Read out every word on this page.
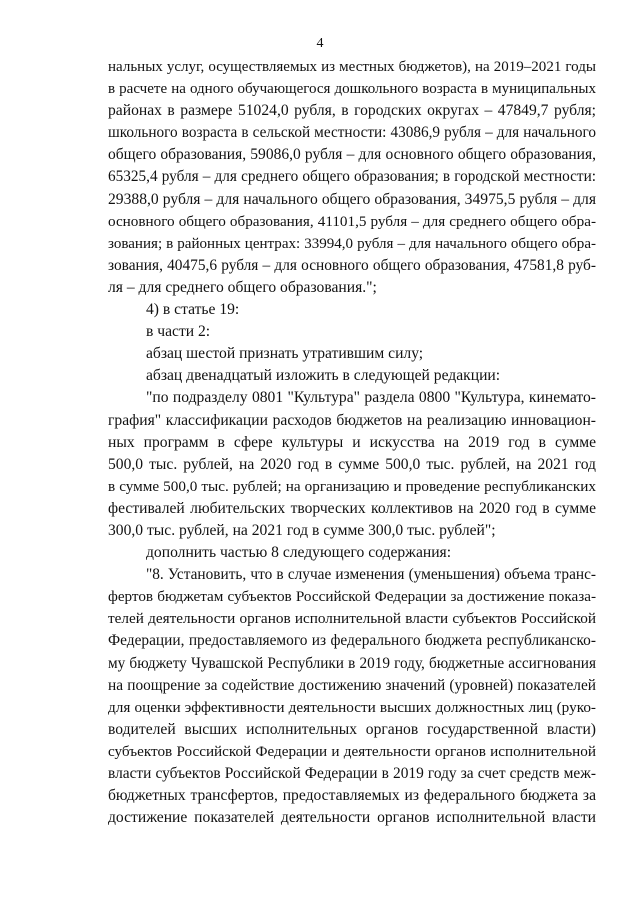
4
нальных услуг, осуществляемых из местных бюджетов), на 2019–2021 годы
в расчете на одного обучающегося дошкольного возраста в муниципальных
районах в размере 51024,0 рубля, в городских округах – 47849,7 рубля;
школьного возраста в сельской местности: 43086,9 рубля – для начального
общего образования, 59086,0 рубля – для основного общего образования,
65325,4 рубля – для среднего общего образования; в городской местности:
29388,0 рубля – для начального общего образования, 34975,5 рубля – для
основного общего образования, 41101,5 рубля – для среднего общего обра-
зования; в районных центрах: 33994,0 рубля – для начального общего обра-
зования, 40475,6 рубля – для основного общего образования, 47581,8 руб-
ля – для среднего общего образования.";
4) в статье 19:
в части 2:
абзац шестой признать утратившим силу;
абзац двенадцатый изложить в следующей редакции:
"по подразделу 0801 "Культура" раздела 0800 "Культура, кинемато-
графия" классификации расходов бюджетов на реализацию инновацион-
ных программ в сфере культуры и искусства на 2019 год в сумме
500,0 тыс. рублей, на 2020 год в сумме 500,0 тыс. рублей, на 2021 год
в сумме 500,0 тыс. рублей; на организацию и проведение республиканских
фестивалей любительских творческих коллективов на 2020 год в сумме
300,0 тыс. рублей, на 2021 год в сумме 300,0 тыс. рублей";
дополнить частью 8 следующего содержания:
"8. Установить, что в случае изменения (уменьшения) объема транс-
фертов бюджетам субъектов Российской Федерации за достижение показа-
телей деятельности органов исполнительной власти субъектов Российской
Федерации, предоставляемого из федерального бюджета республиканско-
му бюджету Чувашской Республики в 2019 году, бюджетные ассигнования
на поощрение за содействие достижению значений (уровней) показателей
для оценки эффективности деятельности высших должностных лиц (руко-
водителей высших исполнительных органов государственной власти)
субъектов Российской Федерации и деятельности органов исполнительной
власти субъектов Российской Федерации в 2019 году за счет средств меж-
бюджетных трансфертов, предоставляемых из федерального бюджета за
достижение показателей деятельности органов исполнительной власти
